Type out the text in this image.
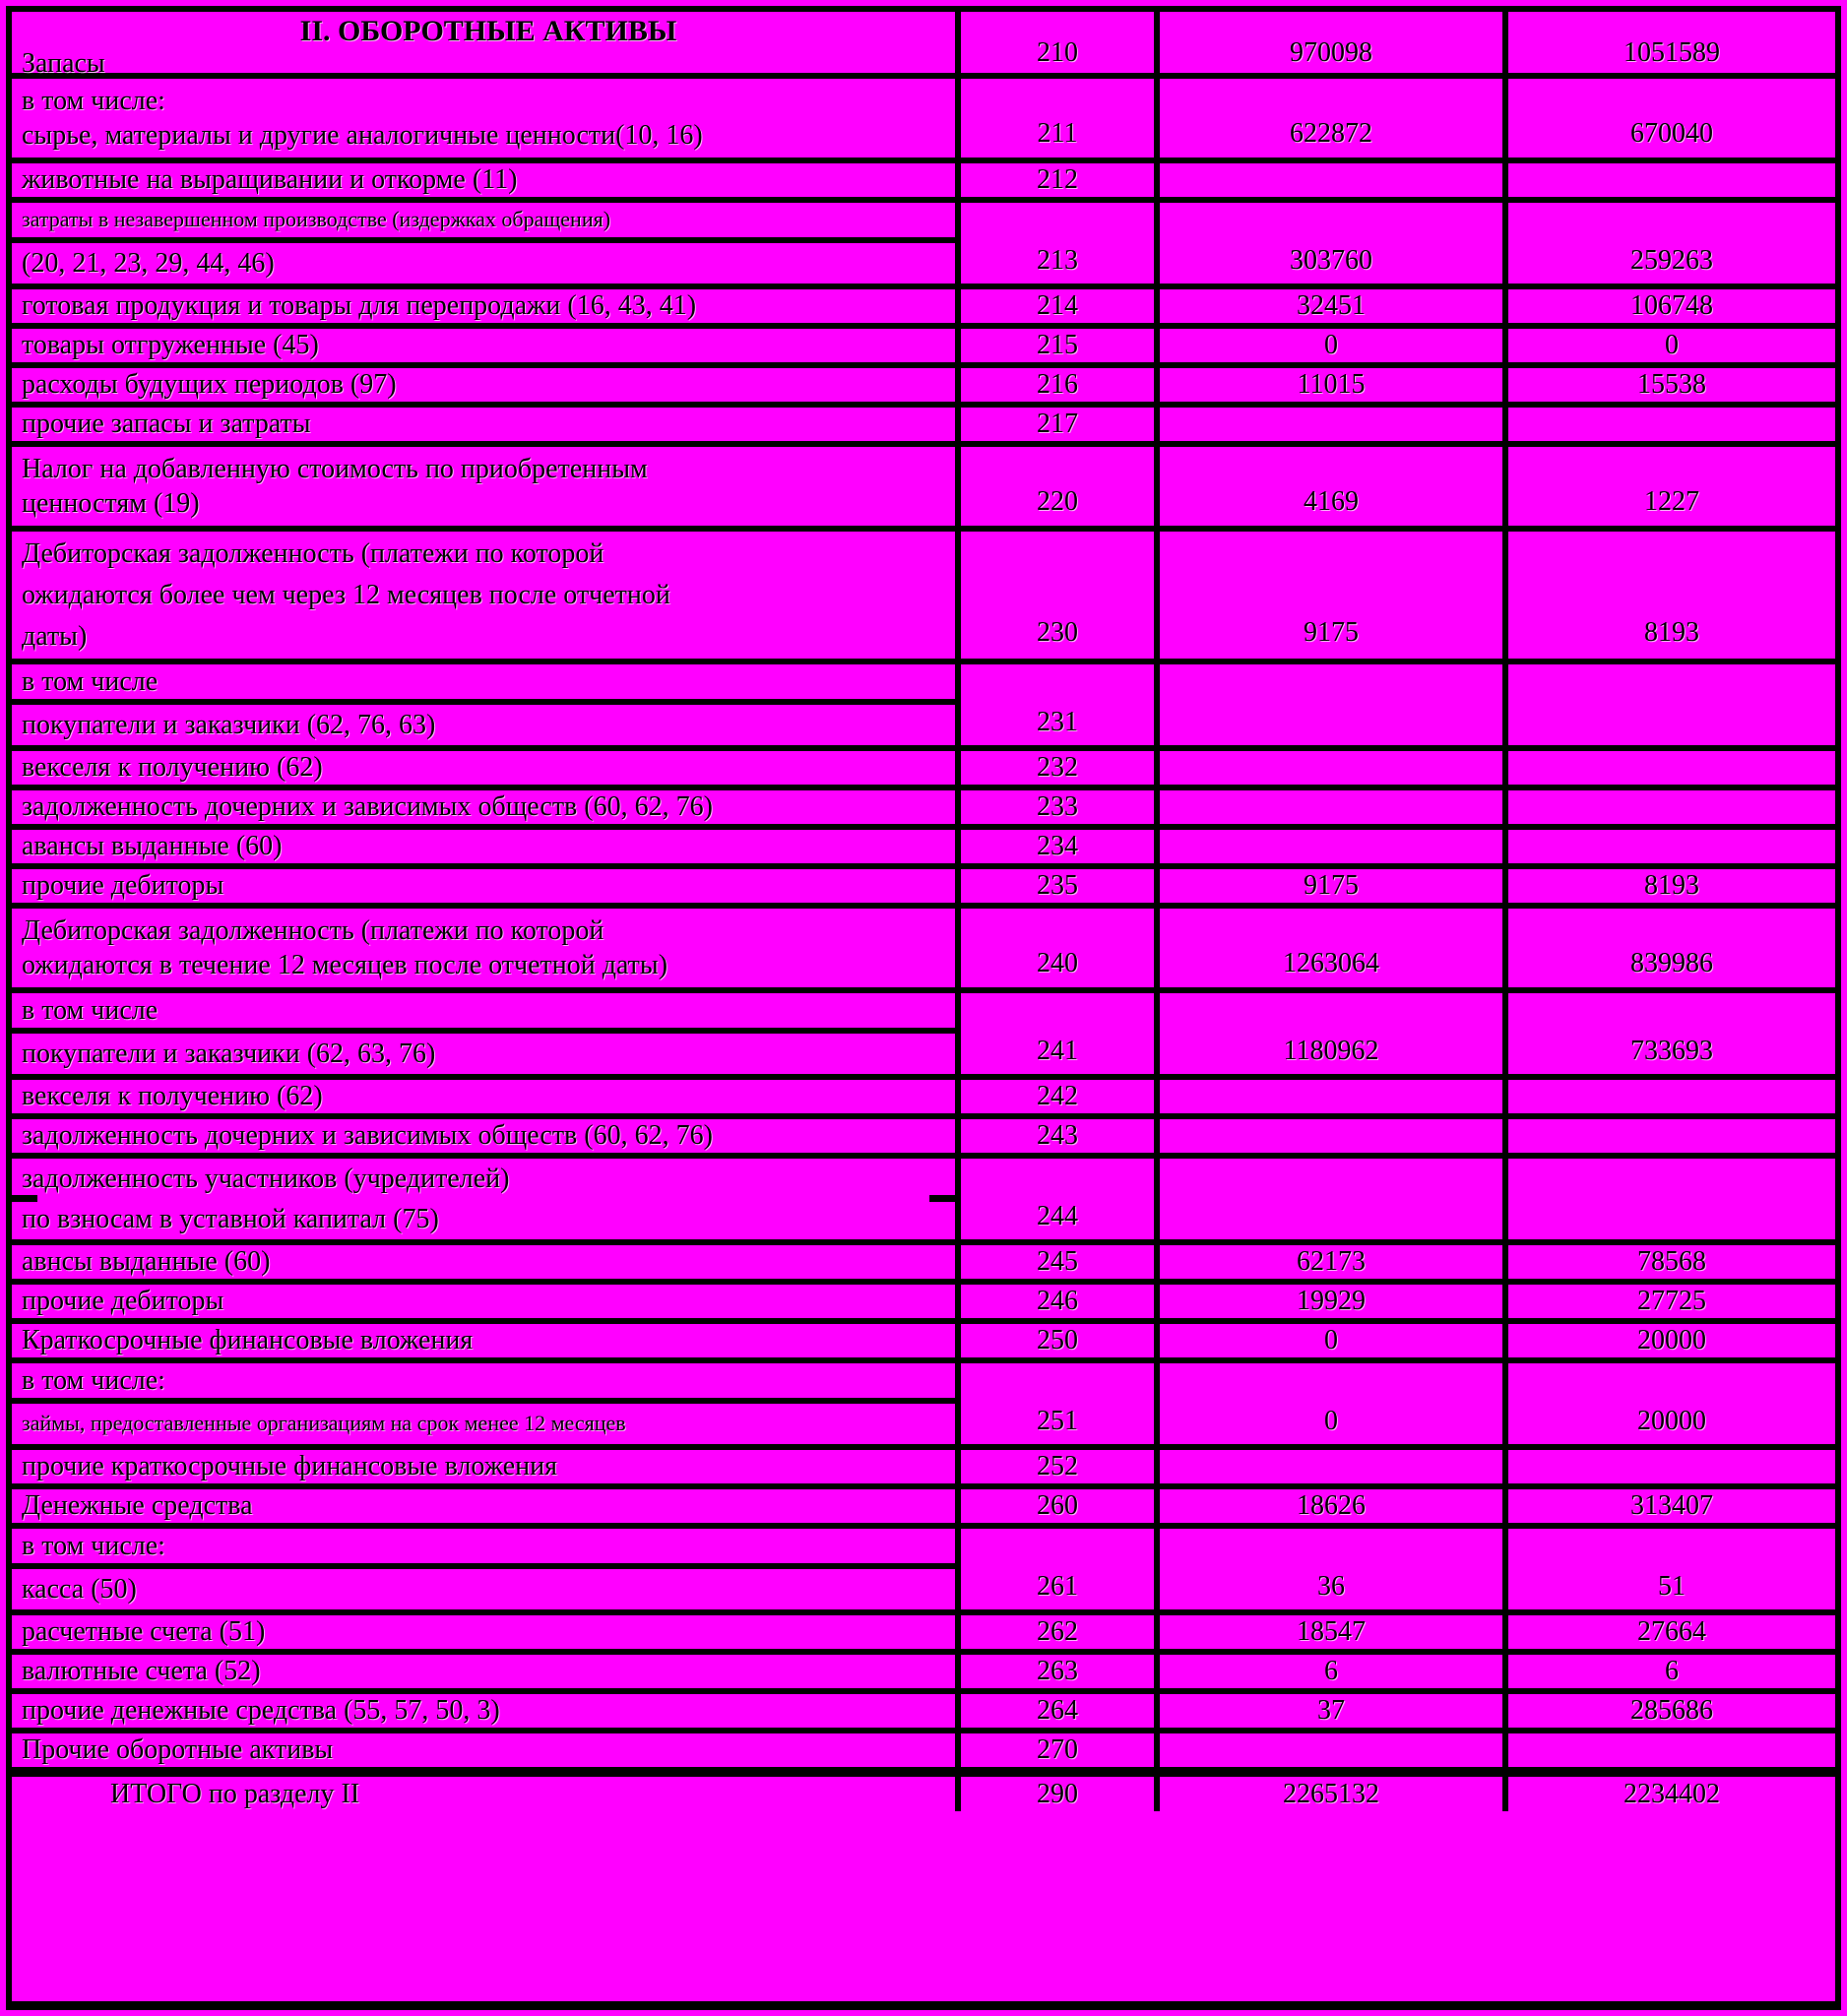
II. ОБОРОТНЫЕ АКТИВЫ
Запасы	210	970098	1051589
в том числе:
сырье, материалы и другие аналогичные ценности(10, 16)	211	622872	670040
животные на выращивании и откорме (11)	212
затраты в незавершенном производстве (издержках обращения)
(20, 21, 23, 29, 44, 46)	213	303760	259263
готовая продукция и товары для перепродажи (16, 43, 41)	214	32451	106748
товары отгруженные (45)	215	0	0
расходы будущих периодов (97)	216	11015	15538
прочие запасы и затраты	217
Налог на добавленную стоимость по приобретенным
ценностям (19)	220	4169	1227
Дебиторская задолженность (платежи по которой
ожидаются более чем через 12 месяцев после отчетной
даты)	230	9175	8193
в том числе
покупатели и заказчики (62, 76, 63)	231
векселя к получению (62)	232
задолженность дочерних и зависимых обществ (60, 62, 76)	233
авансы выданные (60)	234
прочие дебиторы	235	9175	8193
Дебиторская задолженность (платежи по которой
ожидаются в течение 12 месяцев после отчетной даты)	240	1263064	839986
в том числе
покупатели и заказчики (62, 63, 76)	241	1180962	733693
векселя к получению (62)	242
задолженность дочерних и зависимых обществ (60, 62, 76)	243
задолженность участников (учредителей)
по взносам в уставной капитал (75)	244
авнсы выданные (60)	245	62173	78568
прочие дебиторы	246	19929	27725
Краткосрочные финансовые вложения	250	0	20000
в том числе:
займы, предоставленные организациям на срок менее 12 месяцев	251	0	20000
прочие краткосрочные финансовые вложения	252
Денежные средства	260	18626	313407
в том числе:
касса (50)	261	36	51
расчетные счета (51)	262	18547	27664
валютные счета (52)	263	6	6
прочие денежные средства (55, 57, 50, 3)	264	37	285686
Прочие оборотные активы	270
ИТОГО по разделу II	290	2265132	2234402
